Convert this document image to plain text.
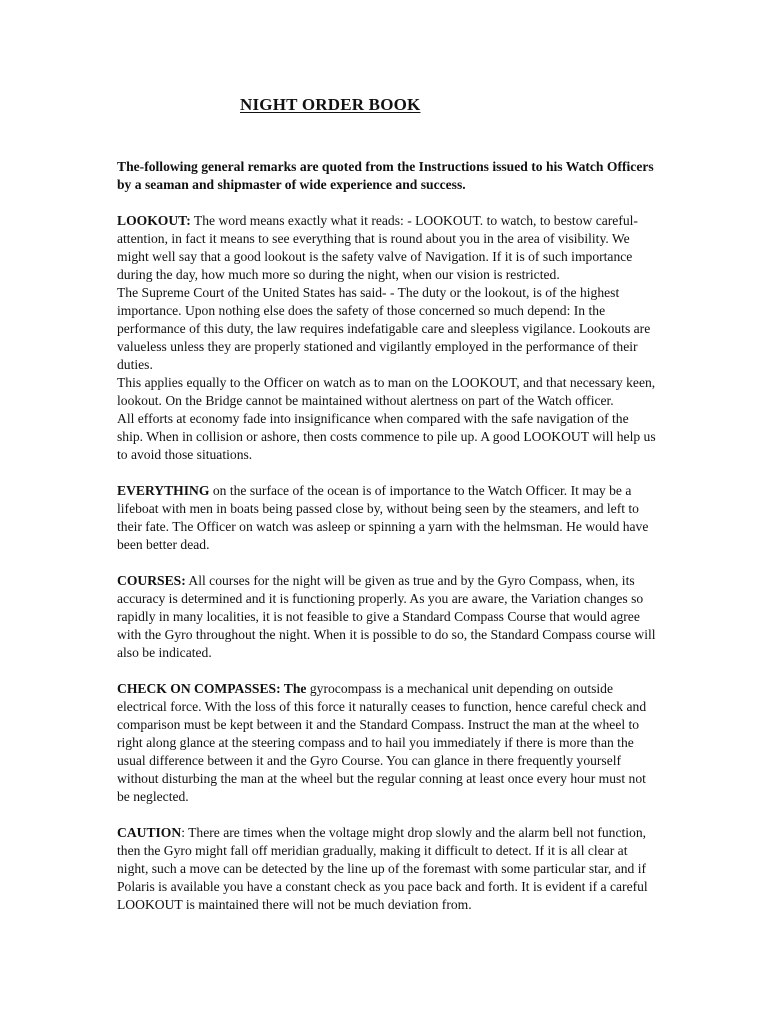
NIGHT ORDER BOOK

The-following general remarks are quoted from the Instructions issued to his Watch Officers by a seaman and shipmaster of wide experience and success.

LOOKOUT: The word means exactly what it reads: - LOOKOUT. to watch, to bestow careful-attention, in fact it means to see everything that is round about you in the area of visibility. We might well say that a good lookout is the safety valve of Navigation. If it is of such importance during the day, how much more so during the night, when our vision is restricted.

The Supreme Court of the United States has said- - The duty or the lookout, is of the highest importance. Upon nothing else does the safety of those concerned so much depend: In the performance of this duty, the law requires indefatigable care and sleepless vigilance. Lookouts are valueless unless they are properly stationed and vigilantly employed in the performance of their duties.

This applies equally to the Officer on watch as to man on the LOOKOUT, and that necessary keen, lookout. On the Bridge cannot be maintained without alertness on part of the Watch officer.

All efforts at economy fade into insignificance when compared with the safe navigation of the ship. When in collision or ashore, then costs commence to pile up. A good LOOKOUT will help us to avoid those situations.

EVERYTHING on the surface of the ocean is of importance to the Watch Officer. It may be a lifeboat with men in boats being passed close by, without being seen by the steamers, and left to their fate. The Officer on watch was asleep or spinning a yarn with the helmsman. He would have been better dead.

COURSES: All courses for the night will be given as true and by the Gyro Compass, when, its accuracy is determined and it is functioning properly. As you are aware, the Variation changes so rapidly in many localities, it is not feasible to give a Standard Compass Course that would agree with the Gyro throughout the night. When it is possible to do so, the Standard Compass course will also be indicated.

CHECK ON COMPASSES: The gyrocompass is a mechanical unit depending on outside electrical force. With the loss of this force it naturally ceases to function, hence careful check and comparison must be kept between it and the Standard Compass. Instruct the man at the wheel to right along glance at the steering compass and to hail you immediately if there is more than the usual difference between it and the Gyro Course. You can glance in there frequently yourself without disturbing the man at the wheel but the regular conning at least once every hour must not be neglected.

CAUTION: There are times when the voltage might drop slowly and the alarm bell not function, then the Gyro might fall off meridian gradually, making it difficult to detect. If it is all clear at night, such a move can be detected by the line up of the foremast with some particular star, and if Polaris is available you have a constant check as you pace back and forth. It is evident if a careful LOOKOUT is maintained there will not be much deviation from.
